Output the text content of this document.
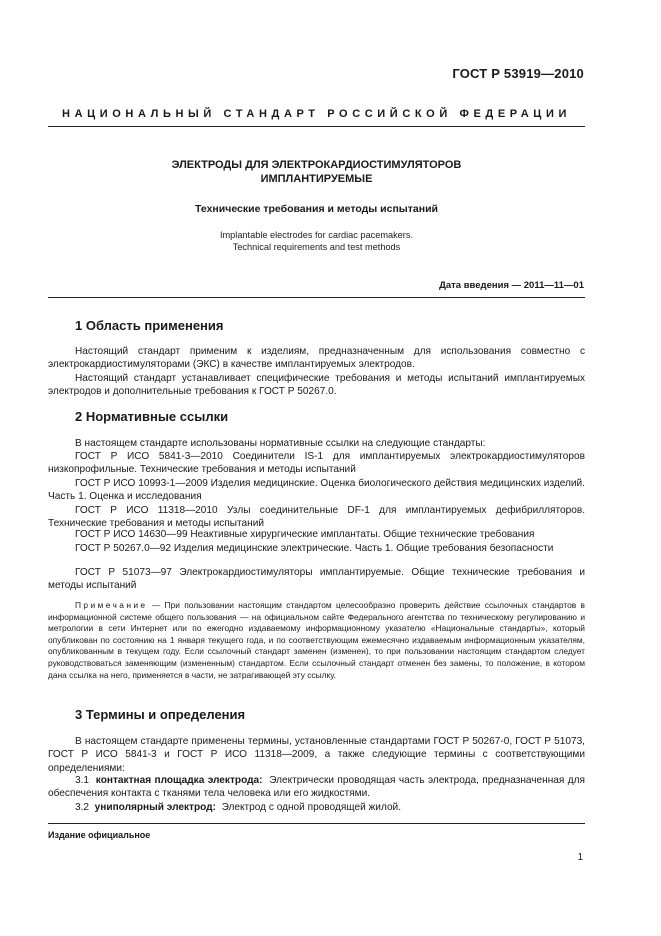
ГОСТ Р 53919—2010
НАЦИОНАЛЬНЫЙ СТАНДАРТ РОССИЙСКОЙ ФЕДЕРАЦИИ
ЭЛЕКТРОДЫ ДЛЯ ЭЛЕКТРОКАРДИОСТИМУЛЯТОРОВ
ИМПЛАНТИРУЕМЫЕ
Технические требования и методы испытаний
Implantable electrodes for cardiac pacemakers.
Technical requirements and test methods
Дата введения — 2011—11—01
1 Область применения
Настоящий стандарт применим к изделиям, предназначенным для использования совместно с электрокардиостимуляторами (ЭКС) в качестве имплантируемых электродов.
Настоящий стандарт устанавливает специфические требования и методы испытаний имплантируемых электродов и дополнительные требования к ГОСТ Р 50267.0.
2 Нормативные ссылки
В настоящем стандарте использованы нормативные ссылки на следующие стандарты:
ГОСТ Р ИСО 5841-3—2010 Соединители IS-1 для имплантируемых электрокардиостимуляторов низкопрофильные. Технические требования и методы испытаний
ГОСТ Р ИСО 10993-1—2009 Изделия медицинские. Оценка биологического действия медицинских изделий. Часть 1. Оценка и исследования
ГОСТ Р ИСО 11318—2010 Узлы соединительные DF-1 для имплантируемых дефибрилляторов. Технические требования и методы испытаний
ГОСТ Р ИСО 14630—99 Неактивные хирургические имплантаты. Общие технические требования
ГОСТ Р 50267.0—92 Изделия медицинские электрические. Часть 1. Общие требования безопасности
ГОСТ Р 51073—97 Электрокардиостимуляторы имплантируемые. Общие технические требования и методы испытаний
Примечание — При пользовании настоящим стандартом целесообразно проверить действие ссылочных стандартов в информационной системе общего пользования — на официальном сайте Федерального агентства по техническому регулированию и метрологии в сети Интернет или по ежегодно издаваемому информационному указателю «Национальные стандарты», который опубликован по состоянию на 1 января текущего года, и по соответствующим ежемесячно издаваемым информационным указателям, опубликованным в текущем году. Если ссылочный стандарт заменен (изменен), то при пользовании настоящим стандартом следует руководствоваться заменяющим (измененным) стандартом. Если ссылочный стандарт отменен без замены, то положение, в котором дана ссылка на него, применяется в части, не затрагивающей эту ссылку.
3 Термины и определения
В настоящем стандарте применены термины, установленные стандартами ГОСТ Р 50267-0, ГОСТ Р 51073, ГОСТ Р ИСО 5841-3 и ГОСТ Р ИСО 11318—2009, а также следующие термины с соответствующими определениями:
3.1 контактная площадка электрода: Электрически проводящая часть электрода, предназначенная для обеспечения контакта с тканями тела человека или его жидкостями.
3.2 униполярный электрод: Электрод с одной проводящей жилой.
Издание официальное
1
